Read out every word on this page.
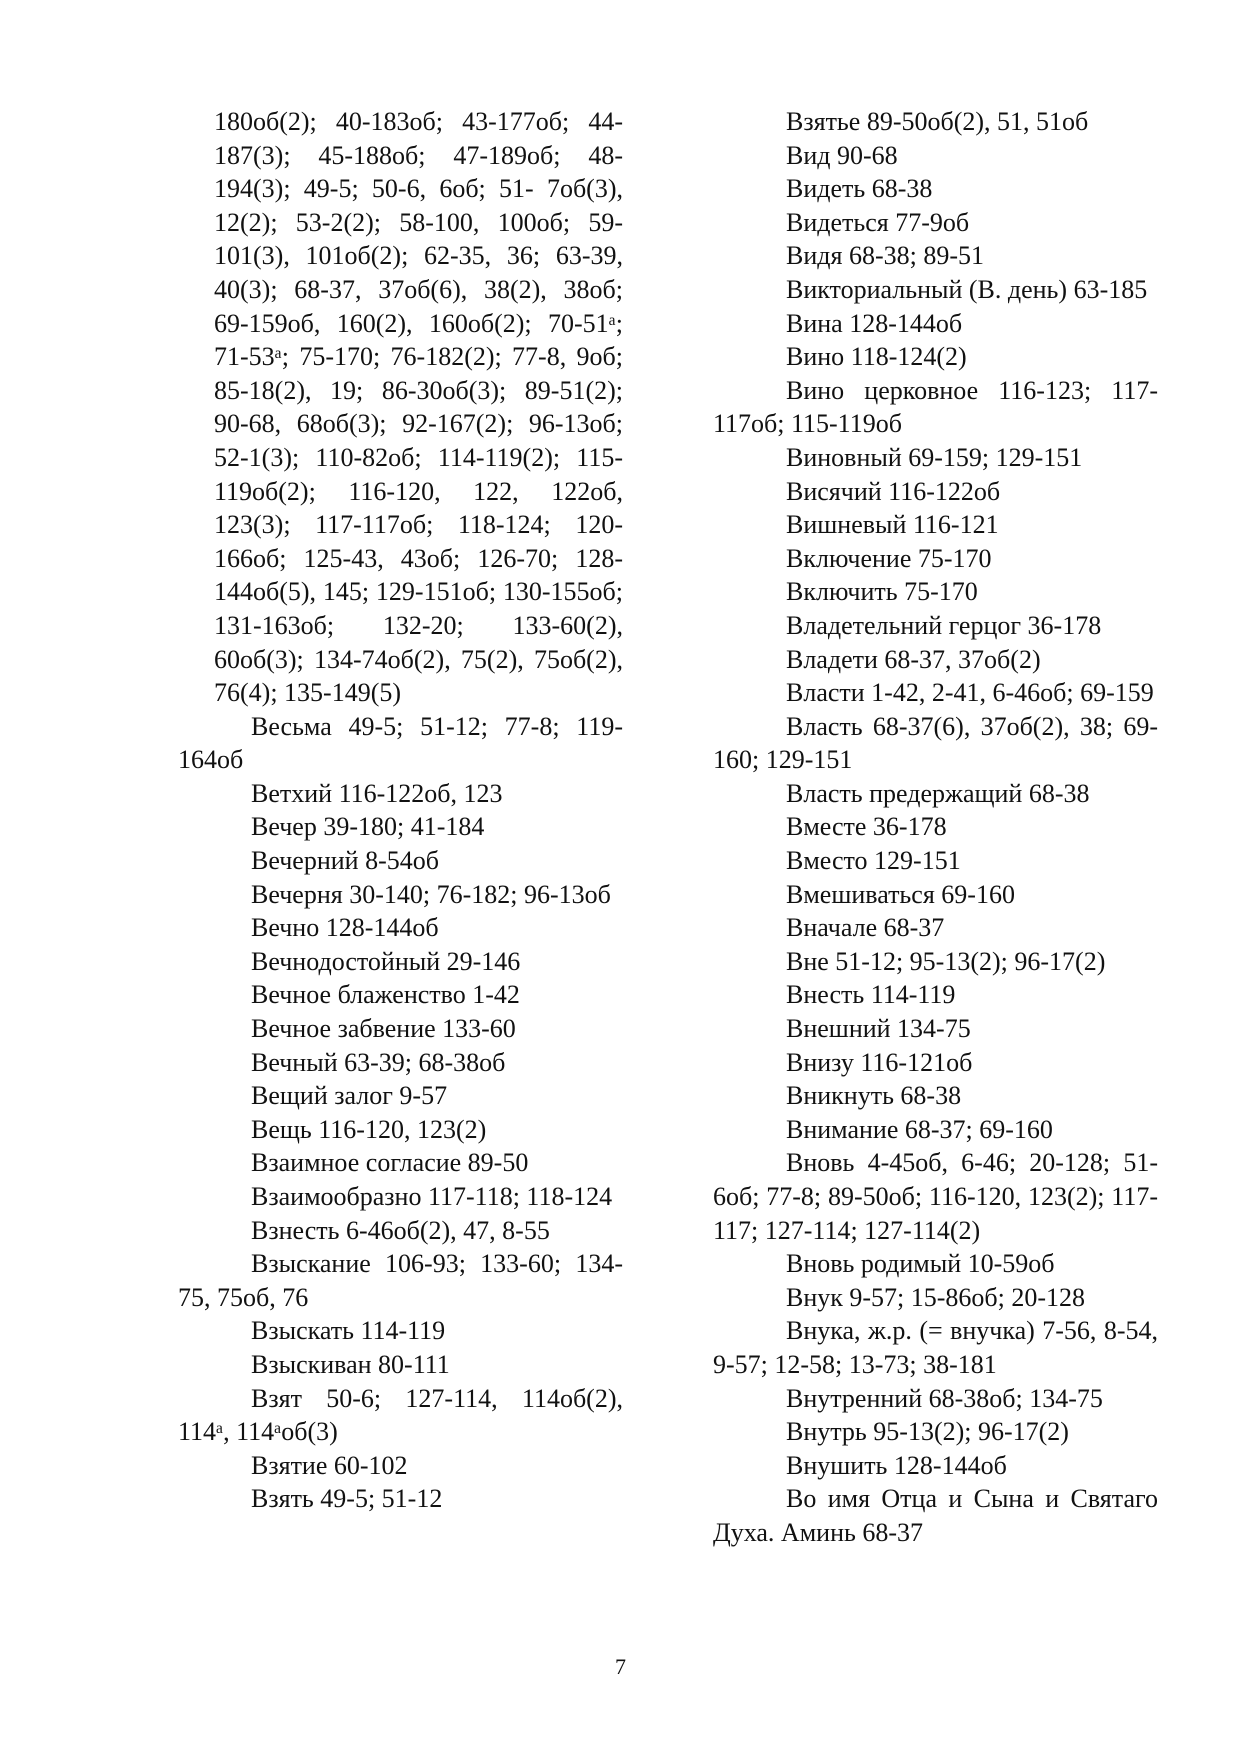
180об(2); 40-183об; 43-177об; 44-187(3); 45-188об; 47-189об; 48-194(3); 49-5; 50-6, 6об; 51- 7об(3), 12(2); 53-2(2); 58-100, 100об; 59-101(3), 101об(2); 62-35, 36; 63-39, 40(3); 68-37, 37об(6), 38(2), 38об; 69-159об, 160(2), 160об(2); 70-51ᵃ; 71-53ᵃ; 75-170; 76-182(2); 77-8, 9об; 85-18(2), 19; 86-30об(3); 89-51(2); 90-68, 68об(3); 92-167(2); 96-13об; 52-1(3); 110-82об; 114-119(2); 115-119об(2); 116-120, 122, 122об, 123(3); 117-117об; 118-124; 120- 166об; 125-43, 43об; 126-70; 128-144об(5), 145; 129-151об; 130-155об; 131-163об; 132-20; 133-60(2), 60об(3); 134-74об(2), 75(2), 75об(2), 76(4); 135-149(5)

Весьма 49-5; 51-12; 77-8; 119-164об

Ветхий 116-122об, 123

Вечер 39-180; 41-184

Вечерний 8-54об

Вечерня 30-140; 76-182; 96-13об

Вечно 128-144об

Вечнодостойный 29-146

Вечное блаженство 1-42

Вечное забвение 133-60

Вечный 63-39; 68-38об

Вещий залог 9-57

Вещь 116-120, 123(2)

Взаимное согласие 89-50

Взаимообразно 117-118; 118-124

Взнесть 6-46об(2), 47, 8-55

Взыскание 106-93; 133-60; 134-75, 75об, 76

Взыскать 114-119

Взыскиван 80-111

Взят 50-6; 127-114, 114об(2), 114ᵃ, 114ᵃоб(3)

Взятие 60-102

Взять 49-5; 51-12

Взятье 89-50об(2), 51, 51об

Вид 90-68

Видеть 68-38

Видеться 77-9об

Видя 68-38; 89-51

Викториальный (В. день) 63-185

Вина 128-144об

Вино 118-124(2)

Вино церковное 116-123; 117-117об; 115-119об

Виновный 69-159; 129-151

Висячий 116-122об

Вишневый 116-121

Включение 75-170

Включить 75-170

Владетельний герцог 36-178

Владети 68-37, 37об(2)

Власти 1-42, 2-41, 6-46об; 69-159

Власть 68-37(6), 37об(2), 38; 69-160; 129-151

Власть предержащий 68-38

Вместе 36-178

Вместо 129-151

Вмешиваться 69-160

Вначале 68-37

Вне 51-12; 95-13(2); 96-17(2)

Внесть 114-119

Внешний 134-75

Внизу 116-121об

Вникнуть 68-38

Внимание 68-37; 69-160

Вновь 4-45об, 6-46; 20-128; 51-6об; 77-8; 89-50об; 116-120, 123(2); 117-117; 127-114; 127-114(2)

Вновь родимый 10-59об

Внук 9-57; 15-86об; 20-128

Внука, ж.р. (= внучка) 7-56, 8-54, 9-57; 12-58; 13-73; 38-181

Внутренний 68-38об; 134-75

Внутрь 95-13(2); 96-17(2)

Внушить 128-144об

Во имя Отца и Сына и Святаго Духа. Аминь 68-37

7
